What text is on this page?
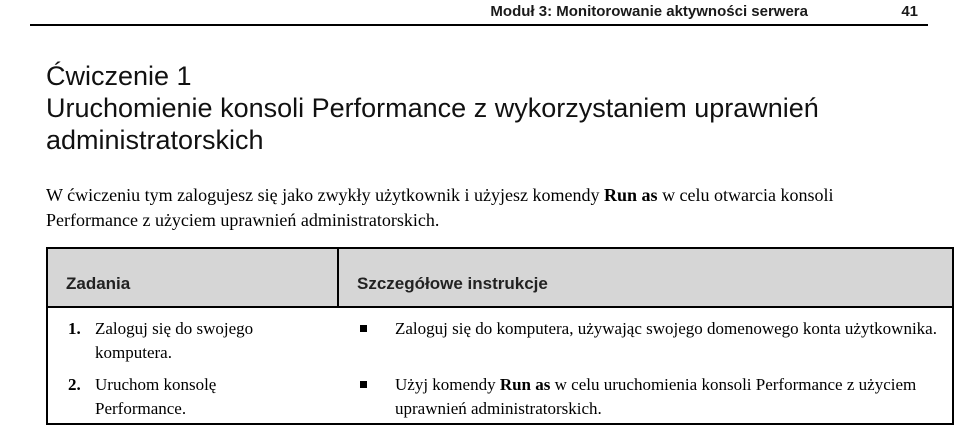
Moduł 3: Monitorowanie aktywności serwera	41
Ćwiczenie 1
Uruchomienie konsoli Performance z wykorzystaniem uprawnień
administratorskich

W ćwiczeniu tym zalogujesz się jako zwykły użytkownik i użyjesz komendy Run as w celu otwarcia konsoli Performance z użyciem uprawnień administratorskich.

Zadania	Szczegółowe instrukcje
1. Zaloguj się do swojego
komputera.
2. Uruchom konsolę
Performance.
Zaloguj się do komputera, używając swojego domenowego konta użytkownika.
Użyj komendy Run as w celu uruchomienia konsoli Performance z użyciem uprawnień administratorskich.
